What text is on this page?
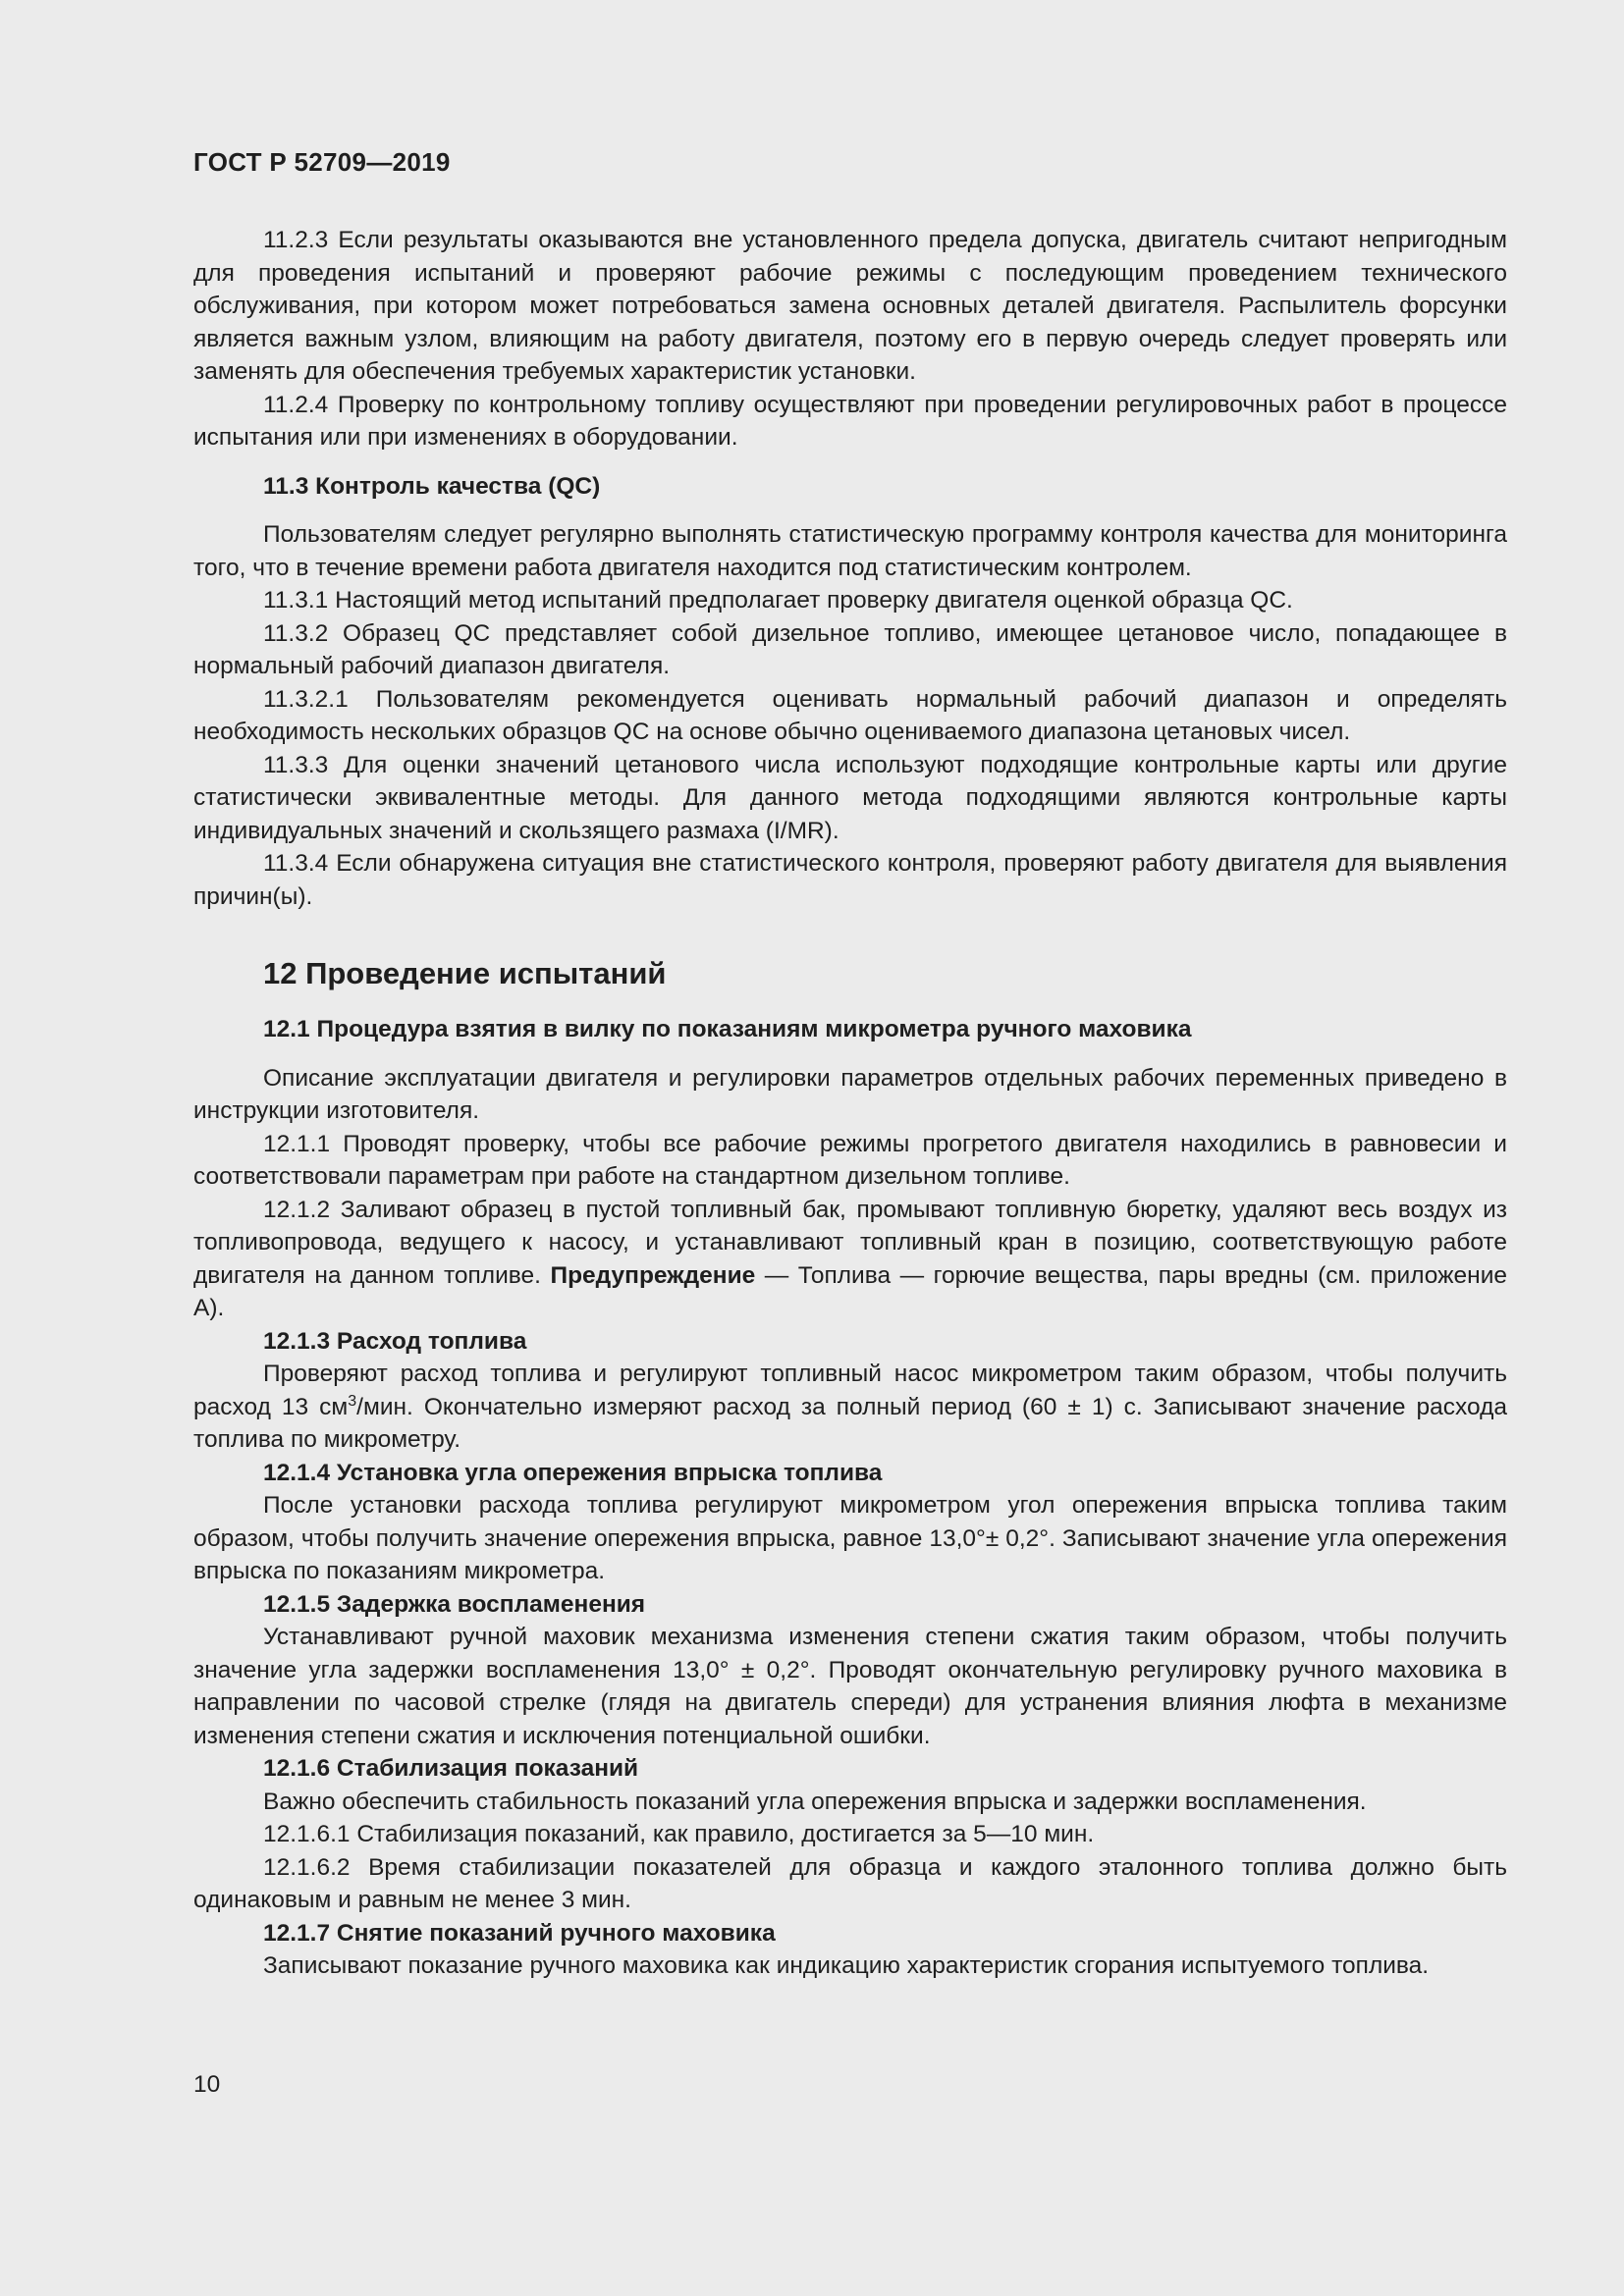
ГОСТ Р 52709—2019

11.2.3 Если результаты оказываются вне установленного предела допуска, двигатель считают непригодным для проведения испытаний и проверяют рабочие режимы с последующим проведением технического обслуживания, при котором может потребоваться замена основных деталей двигателя. Распылитель форсунки является важным узлом, влияющим на работу двигателя, поэтому его в первую очередь следует проверять или заменять для обеспечения требуемых характеристик установки.

11.2.4 Проверку по контрольному топливу осуществляют при проведении регулировочных работ в процессе испытания или при изменениях в оборудовании.

11.3 Контроль качества (QC)

Пользователям следует регулярно выполнять статистическую программу контроля качества для мониторинга того, что в течение времени работа двигателя находится под статистическим контролем.

11.3.1 Настоящий метод испытаний предполагает проверку двигателя оценкой образца QC.

11.3.2 Образец QC представляет собой дизельное топливо, имеющее цетановое число, попадающее в нормальный рабочий диапазон двигателя.

11.3.2.1 Пользователям рекомендуется оценивать нормальный рабочий диапазон и определять необходимость нескольких образцов QC на основе обычно оцениваемого диапазона цетановых чисел.

11.3.3 Для оценки значений цетанового числа используют подходящие контрольные карты или другие статистически эквивалентные методы. Для данного метода подходящими являются контрольные карты индивидуальных значений и скользящего размаха (I/MR).

11.3.4 Если обнаружена ситуация вне статистического контроля, проверяют работу двигателя для выявления причин(ы).

12 Проведение испытаний
12.1 Процедура взятия в вилку по показаниям микрометра ручного маховика

Описание эксплуатации двигателя и регулировки параметров отдельных рабочих переменных приведено в инструкции изготовителя.

12.1.1 Проводят проверку, чтобы все рабочие режимы прогретого двигателя находились в равновесии и соответствовали параметрам при работе на стандартном дизельном топливе.

12.1.2 Заливают образец в пустой топливный бак, промывают топливную бюретку, удаляют весь воздух из топливопровода, ведущего к насосу, и устанавливают топливный кран в позицию, соответствующую работе двигателя на данном топливе. Предупреждение — Топлива — горючие вещества, пары вредны (см. приложение А).

12.1.3 Расход топлива

Проверяют расход топлива и регулируют топливный насос микрометром таким образом, чтобы получить расход 13 $см^3$/мин. Окончательно измеряют расход за полный период (60 ± 1) с. Записывают значение расхода топлива по микрометру.

12.1.4 Установка угла опережения впрыска топлива

После установки расхода топлива регулируют микрометром угол опережения впрыска топлива таким образом, чтобы получить значение опережения впрыска, равное 13,0°± 0,2°. Записывают значение угла опережения впрыска по показаниям микрометра.

12.1.5 Задержка воспламенения

Устанавливают ручной маховик механизма изменения степени сжатия таким образом, чтобы получить значение угла задержки воспламенения 13,0° ± 0,2°. Проводят окончательную регулировку ручного маховика в направлении по часовой стрелке (глядя на двигатель спереди) для устранения влияния люфта в механизме изменения степени сжатия и исключения потенциальной ошибки.

12.1.6 Стабилизация показаний

Важно обеспечить стабильность показаний угла опережения впрыска и задержки воспламенения.

12.1.6.1 Стабилизация показаний, как правило, достигается за 5—10 мин.

12.1.6.2 Время стабилизации показателей для образца и каждого эталонного топлива должно быть одинаковым и равным не менее 3 мин.

12.1.7 Снятие показаний ручного маховика

Записывают показание ручного маховика как индикацию характеристик сгорания испытуемого топлива.

10
